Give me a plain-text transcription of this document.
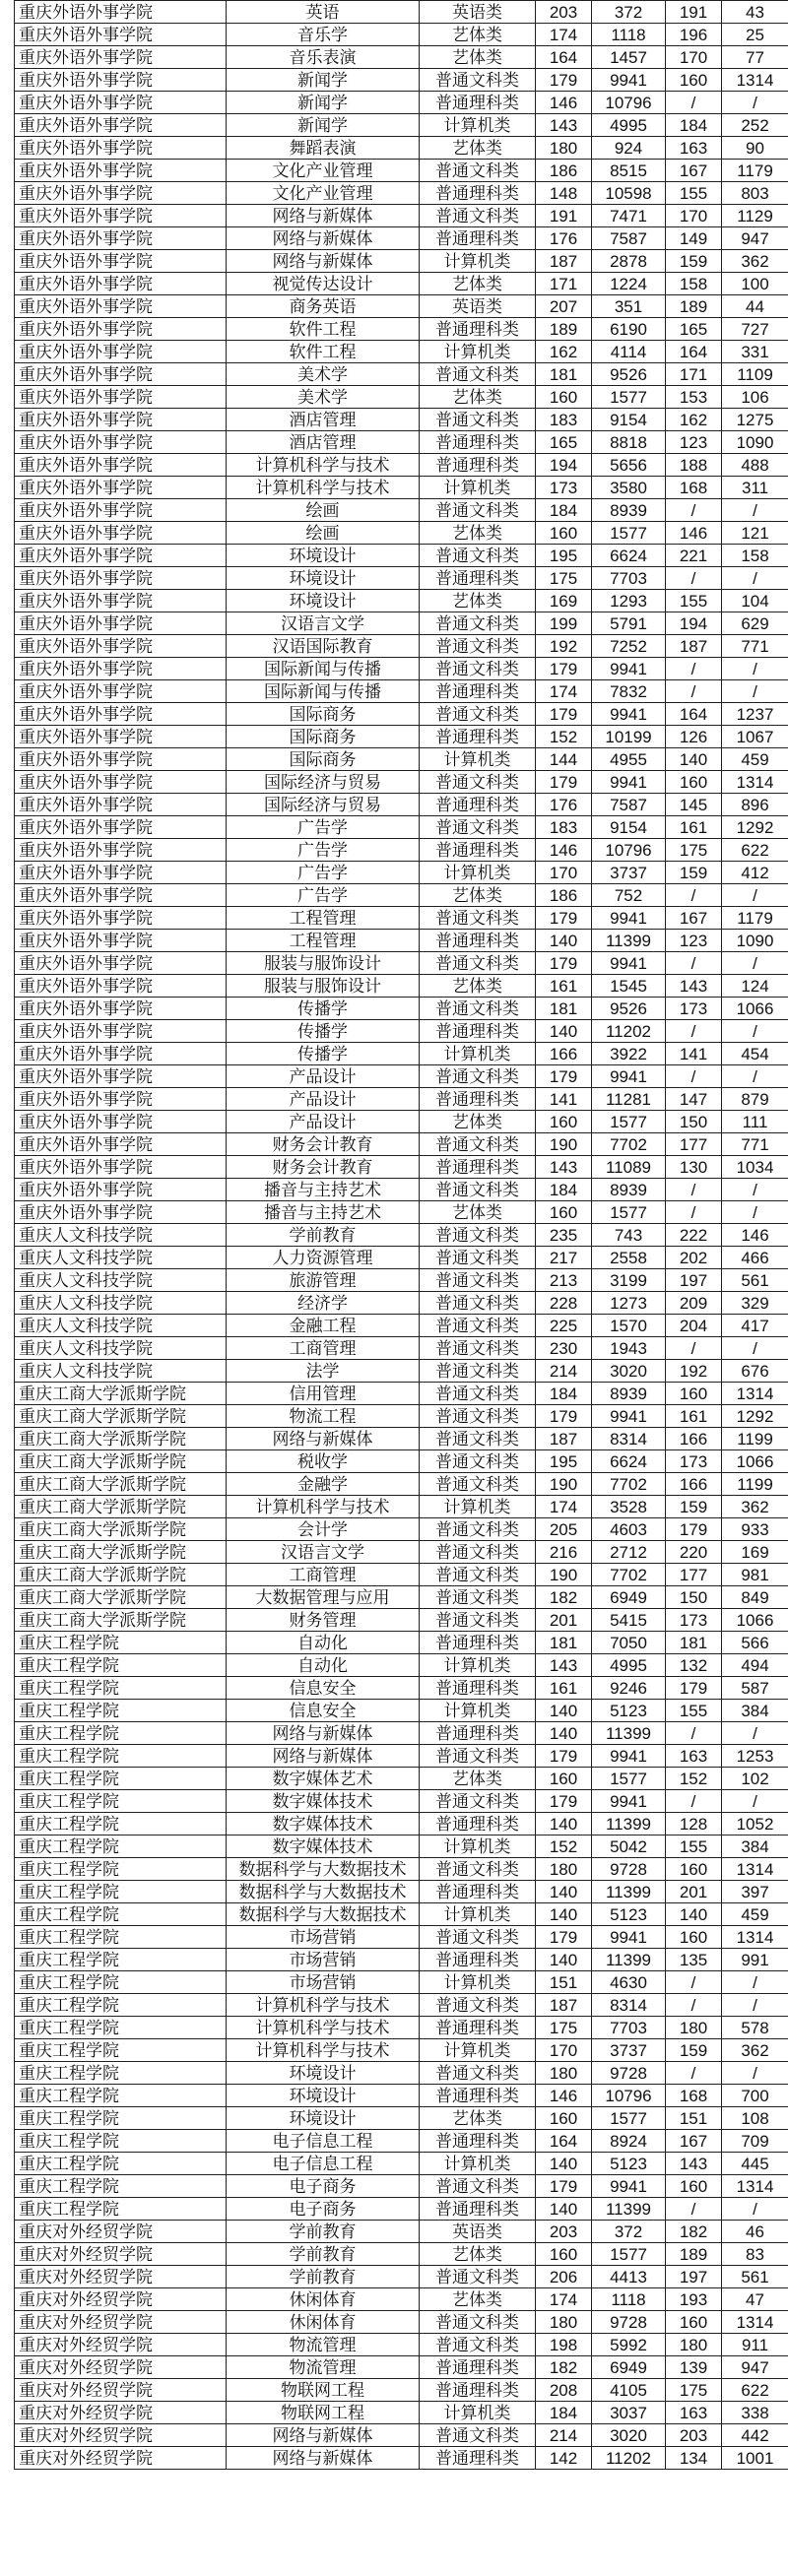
重庆外语外事学院	英语	英语类	203	372	191	43
重庆外语外事学院	音乐学	艺体类	174	1118	196	25
重庆外语外事学院	音乐表演	艺体类	164	1457	170	77
重庆外语外事学院	新闻学	普通文科类	179	9941	160	1314
重庆外语外事学院	新闻学	普通理科类	146	10796	/	/
重庆外语外事学院	新闻学	计算机类	143	4995	184	252
重庆外语外事学院	舞蹈表演	艺体类	180	924	163	90
重庆外语外事学院	文化产业管理	普通文科类	186	8515	167	1179
重庆外语外事学院	文化产业管理	普通理科类	148	10598	155	803
重庆外语外事学院	网络与新媒体	普通文科类	191	7471	170	1129
重庆外语外事学院	网络与新媒体	普通理科类	176	7587	149	947
重庆外语外事学院	网络与新媒体	计算机类	187	2878	159	362
重庆外语外事学院	视觉传达设计	艺体类	171	1224	158	100
重庆外语外事学院	商务英语	英语类	207	351	189	44
重庆外语外事学院	软件工程	普通理科类	189	6190	165	727
重庆外语外事学院	软件工程	计算机类	162	4114	164	331
重庆外语外事学院	美术学	普通文科类	181	9526	171	1109
重庆外语外事学院	美术学	艺体类	160	1577	153	106
重庆外语外事学院	酒店管理	普通文科类	183	9154	162	1275
重庆外语外事学院	酒店管理	普通理科类	165	8818	123	1090
重庆外语外事学院	计算机科学与技术	普通理科类	194	5656	188	488
重庆外语外事学院	计算机科学与技术	计算机类	173	3580	168	311
重庆外语外事学院	绘画	普通文科类	184	8939	/	/
重庆外语外事学院	绘画	艺体类	160	1577	146	121
重庆外语外事学院	环境设计	普通文科类	195	6624	221	158
重庆外语外事学院	环境设计	普通理科类	175	7703	/	/
重庆外语外事学院	环境设计	艺体类	169	1293	155	104
重庆外语外事学院	汉语言文学	普通文科类	199	5791	194	629
重庆外语外事学院	汉语国际教育	普通文科类	192	7252	187	771
重庆外语外事学院	国际新闻与传播	普通文科类	179	9941	/	/
重庆外语外事学院	国际新闻与传播	普通理科类	174	7832	/	/
重庆外语外事学院	国际商务	普通文科类	179	9941	164	1237
重庆外语外事学院	国际商务	普通理科类	152	10199	126	1067
重庆外语外事学院	国际商务	计算机类	144	4955	140	459
重庆外语外事学院	国际经济与贸易	普通文科类	179	9941	160	1314
重庆外语外事学院	国际经济与贸易	普通理科类	176	7587	145	896
重庆外语外事学院	广告学	普通文科类	183	9154	161	1292
重庆外语外事学院	广告学	普通理科类	146	10796	175	622
重庆外语外事学院	广告学	计算机类	170	3737	159	412
重庆外语外事学院	广告学	艺体类	186	752	/	/
重庆外语外事学院	工程管理	普通文科类	179	9941	167	1179
重庆外语外事学院	工程管理	普通理科类	140	11399	123	1090
重庆外语外事学院	服装与服饰设计	普通文科类	179	9941	/	/
重庆外语外事学院	服装与服饰设计	艺体类	161	1545	143	124
重庆外语外事学院	传播学	普通文科类	181	9526	173	1066
重庆外语外事学院	传播学	普通理科类	140	11202	/	/
重庆外语外事学院	传播学	计算机类	166	3922	141	454
重庆外语外事学院	产品设计	普通文科类	179	9941	/	/
重庆外语外事学院	产品设计	普通理科类	141	11281	147	879
重庆外语外事学院	产品设计	艺体类	160	1577	150	111
重庆外语外事学院	财务会计教育	普通文科类	190	7702	177	771
重庆外语外事学院	财务会计教育	普通理科类	143	11089	130	1034
重庆外语外事学院	播音与主持艺术	普通文科类	184	8939	/	/
重庆外语外事学院	播音与主持艺术	艺体类	160	1577	/	/
重庆人文科技学院	学前教育	普通文科类	235	743	222	146
重庆人文科技学院	人力资源管理	普通文科类	217	2558	202	466
重庆人文科技学院	旅游管理	普通文科类	213	3199	197	561
重庆人文科技学院	经济学	普通文科类	228	1273	209	329
重庆人文科技学院	金融工程	普通文科类	225	1570	204	417
重庆人文科技学院	工商管理	普通文科类	230	1943	/	/
重庆人文科技学院	法学	普通文科类	214	3020	192	676
重庆工商大学派斯学院	信用管理	普通文科类	184	8939	160	1314
重庆工商大学派斯学院	物流工程	普通文科类	179	9941	161	1292
重庆工商大学派斯学院	网络与新媒体	普通文科类	187	8314	166	1199
重庆工商大学派斯学院	税收学	普通文科类	195	6624	173	1066
重庆工商大学派斯学院	金融学	普通文科类	190	7702	166	1199
重庆工商大学派斯学院	计算机科学与技术	计算机类	174	3528	159	362
重庆工商大学派斯学院	会计学	普通文科类	205	4603	179	933
重庆工商大学派斯学院	汉语言文学	普通文科类	216	2712	220	169
重庆工商大学派斯学院	工商管理	普通文科类	190	7702	177	981
重庆工商大学派斯学院	大数据管理与应用	普通文科类	182	6949	150	849
重庆工商大学派斯学院	财务管理	普通文科类	201	5415	173	1066
重庆工程学院	自动化	普通理科类	181	7050	181	566
重庆工程学院	自动化	计算机类	143	4995	132	494
重庆工程学院	信息安全	普通理科类	161	9246	179	587
重庆工程学院	信息安全	计算机类	140	5123	155	384
重庆工程学院	网络与新媒体	普通理科类	140	11399	/	/
重庆工程学院	网络与新媒体	普通文科类	179	9941	163	1253
重庆工程学院	数字媒体艺术	艺体类	160	1577	152	102
重庆工程学院	数字媒体技术	普通文科类	179	9941	/	/
重庆工程学院	数字媒体技术	普通理科类	140	11399	128	1052
重庆工程学院	数字媒体技术	计算机类	152	5042	155	384
重庆工程学院	数据科学与大数据技术	普通文科类	180	9728	160	1314
重庆工程学院	数据科学与大数据技术	普通理科类	140	11399	201	397
重庆工程学院	数据科学与大数据技术	计算机类	140	5123	140	459
重庆工程学院	市场营销	普通文科类	179	9941	160	1314
重庆工程学院	市场营销	普通理科类	140	11399	135	991
重庆工程学院	市场营销	计算机类	151	4630	/	/
重庆工程学院	计算机科学与技术	普通文科类	187	8314	/	/
重庆工程学院	计算机科学与技术	普通理科类	175	7703	180	578
重庆工程学院	计算机科学与技术	计算机类	170	3737	159	362
重庆工程学院	环境设计	普通文科类	180	9728	/	/
重庆工程学院	环境设计	普通理科类	146	10796	168	700
重庆工程学院	环境设计	艺体类	160	1577	151	108
重庆工程学院	电子信息工程	普通理科类	164	8924	167	709
重庆工程学院	电子信息工程	计算机类	140	5123	143	445
重庆工程学院	电子商务	普通文科类	179	9941	160	1314
重庆工程学院	电子商务	普通理科类	140	11399	/	/
重庆对外经贸学院	学前教育	英语类	203	372	182	46
重庆对外经贸学院	学前教育	艺体类	160	1577	189	83
重庆对外经贸学院	学前教育	普通文科类	206	4413	197	561
重庆对外经贸学院	休闲体育	艺体类	174	1118	193	47
重庆对外经贸学院	休闲体育	普通文科类	180	9728	160	1314
重庆对外经贸学院	物流管理	普通文科类	198	5992	180	911
重庆对外经贸学院	物流管理	普通理科类	182	6949	139	947
重庆对外经贸学院	物联网工程	普通理科类	208	4105	175	622
重庆对外经贸学院	物联网工程	计算机类	184	3037	163	338
重庆对外经贸学院	网络与新媒体	普通文科类	214	3020	203	442
重庆对外经贸学院	网络与新媒体	普通理科类	142	11202	134	1001
